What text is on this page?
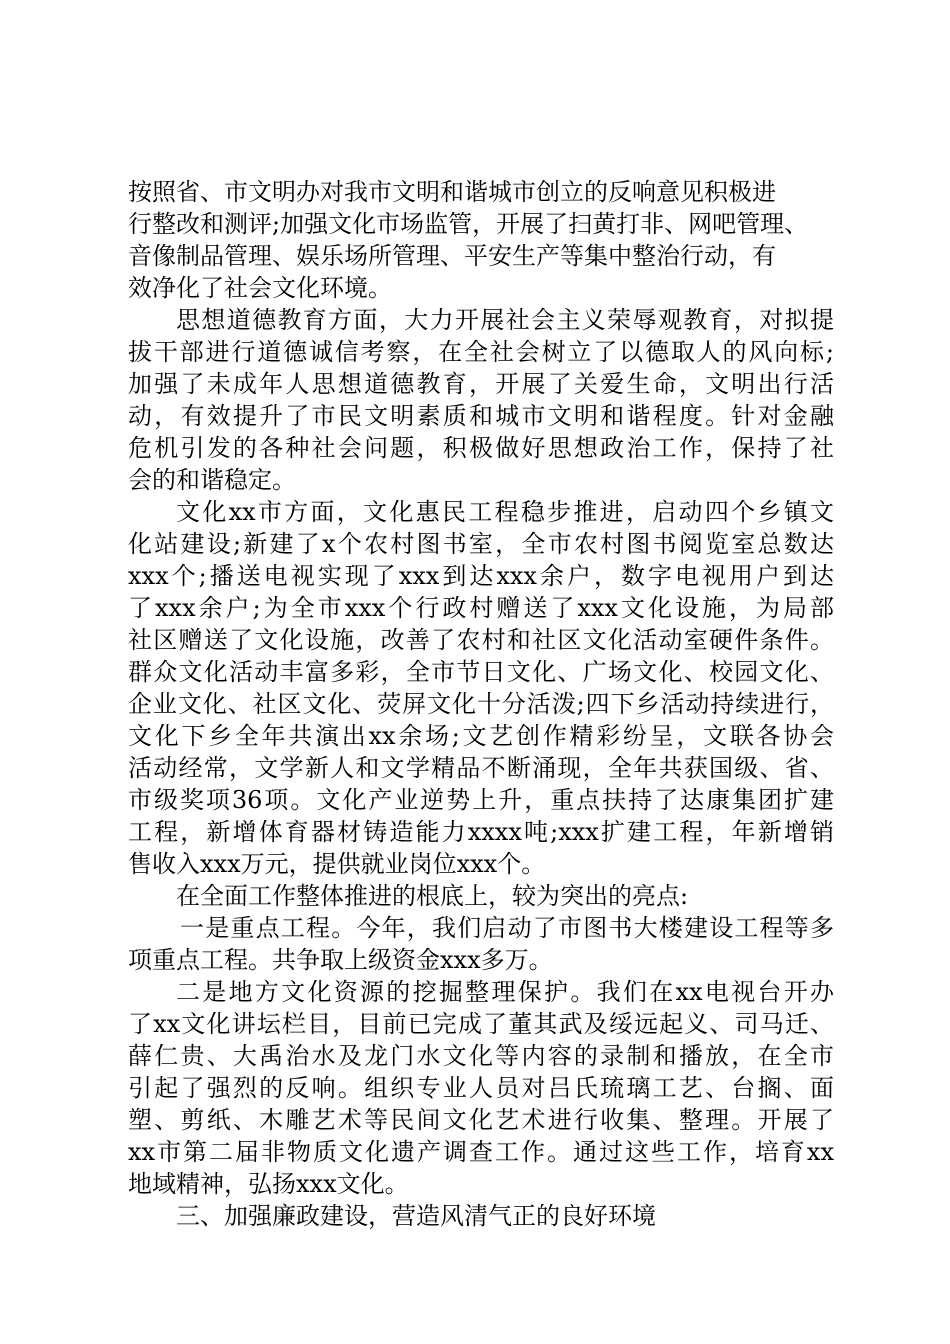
按照省、市文明办对我市文明和谐城市创立的反响意见积极进
行整改和测评;加强文化市场监管，开展了扫黄打非、网吧管理、
音像制品管理、娱乐场所管理、平安生产等集中整治行动，有
效净化了社会文化环境。
思想道德教育方面，大力开展社会主义荣辱观教育，对拟提
拔干部进行道德诚信考察，在全社会树立了以德取人的风向标;
加强了未成年人思想道德教育，开展了关爱生命，文明出行活
动，有效提升了市民文明素质和城市文明和谐程度。针对金融
危机引发的各种社会问题，积极做好思想政治工作，保持了社
会的和谐稳定。
文化xx市方面，文化惠民工程稳步推进，启动四个乡镇文
化站建设;新建了x个农村图书室，全市农村图书阅览室总数达
xxx个;播送电视实现了xxx到达xxx余户，数字电视用户到达
了xxx余户;为全市xxx个行政村赠送了xxx文化设施，为局部
社区赠送了文化设施，改善了农村和社区文化活动室硬件条件。
群众文化活动丰富多彩，全市节日文化、广场文化、校园文化、
企业文化、社区文化、荧屏文化十分活泼;四下乡活动持续进行，
文化下乡全年共演出xx余场;文艺创作精彩纷呈，文联各协会
活动经常，文学新人和文学精品不断涌现，全年共获国级、省、
市级奖项36项。文化产业逆势上升，重点扶持了达康集团扩建
工程，新增体育器材铸造能力xxxx吨;xxx扩建工程，年新增销
售收入xxx万元，提供就业岗位xxx个。
在全面工作整体推进的根底上，较为突出的亮点:
一是重点工程。今年，我们启动了市图书大楼建设工程等多
项重点工程。共争取上级资金xxx多万。
二是地方文化资源的挖掘整理保护。我们在xx电视台开办
了xx文化讲坛栏目，目前已完成了董其武及绥远起义、司马迁、
薛仁贵、大禹治水及龙门水文化等内容的录制和播放，在全市
引起了强烈的反响。组织专业人员对吕氏琉璃工艺、台搁、面
塑、剪纸、木雕艺术等民间文化艺术进行收集、整理。开展了
xx市第二届非物质文化遗产调查工作。通过这些工作，培育xx
地域精神，弘扬xxx文化。
三、加强廉政建设，营造风清气正的良好环境
